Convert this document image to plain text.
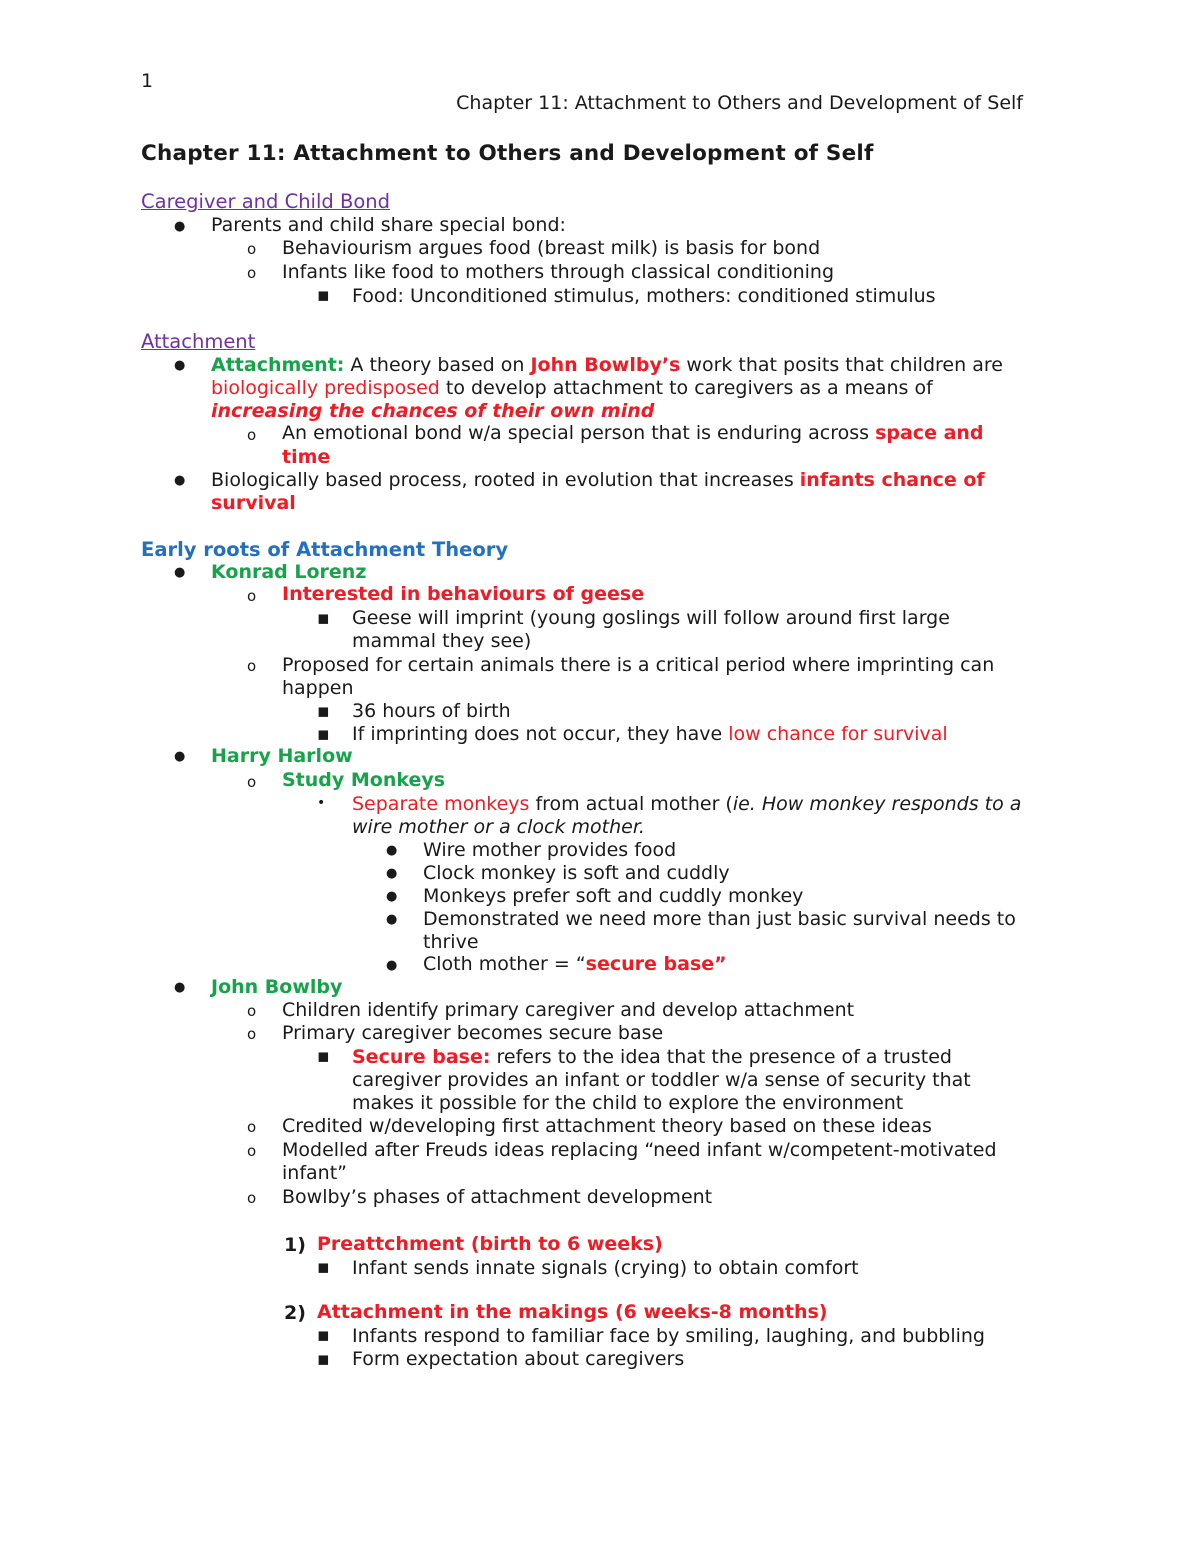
1
Chapter 11: Attachment to Others and Development of Self
Chapter 11: Attachment to Others and Development of Self
Caregiver and Child Bond
●
Parents and child share special bond:
o
Behaviourism argues food (breast milk) is basis for bond
o
Infants like food to mothers through classical conditioning
▪
Food: Unconditioned stimulus, mothers: conditioned stimulus
Attachment
●
Attachment: A theory based on John Bowlby’s work that posits that children are
biologically predisposed to develop attachment to caregivers as a means of
increasing the chances of their own mind
o
An emotional bond w/a special person that is enduring across space and
time
●
Biologically based process, rooted in evolution that increases infants chance of
survival
Early roots of Attachment Theory
●
Konrad Lorenz
o
Interested in behaviours of geese
▪
Geese will imprint (young goslings will follow around first large
mammal they see)
o
Proposed for certain animals there is a critical period where imprinting can
happen
▪
36 hours of birth
▪
If imprinting does not occur, they have low chance for survival
●
Harry Harlow
o
Study Monkeys
• Separate monkeys from actual mother (ie. How monkey responds to a
wire mother or a clock mother.
●
Wire mother provides food
●
Clock monkey is soft and cuddly
●
Monkeys prefer soft and cuddly monkey
●
Demonstrated we need more than just basic survival needs to
thrive
●
Cloth mother = “secure base”
●
John Bowlby
o
Children identify primary caregiver and develop attachment
o
Primary caregiver becomes secure base
▪
Secure base: refers to the idea that the presence of a trusted
caregiver provides an infant or toddler w/a sense of security that
makes it possible for the child to explore the environment
o
Credited w/developing first attachment theory based on these ideas
o
Modelled after Freuds ideas replacing “need infant w/competent-motivated
infant”
o
Bowlby’s phases of attachment development
1) Preattchment (birth to 6 weeks)
▪
Infant sends innate signals (crying) to obtain comfort
2) Attachment in the makings (6 weeks-8 months)
▪
Infants respond to familiar face by smiling, laughing, and bubbling
▪
Form expectation about caregivers
